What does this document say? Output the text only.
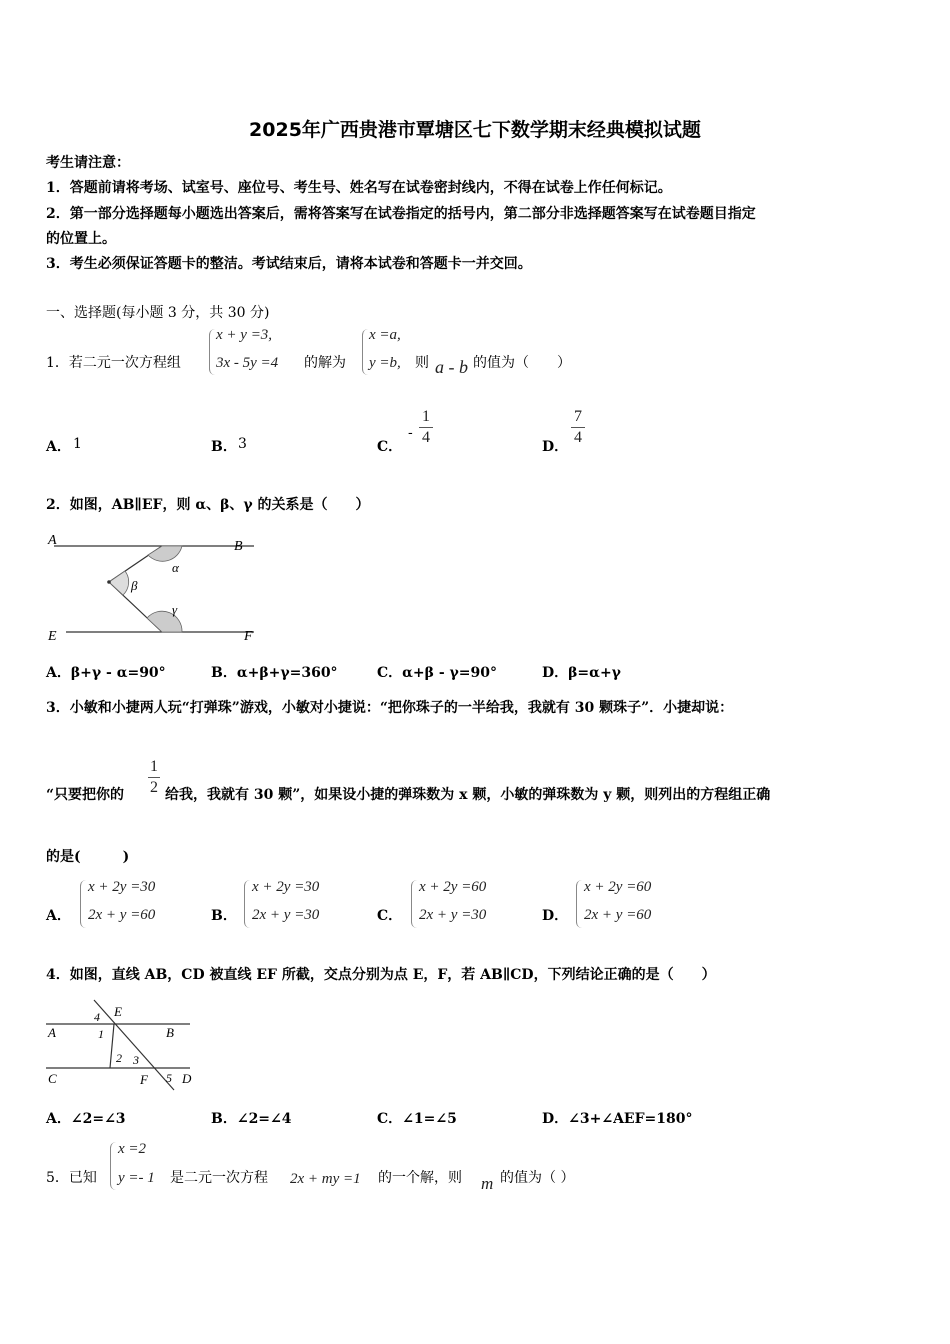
2025年广西贵港市覃塘区七下数学期末经典模拟试题
考生请注意：
1．答题前请将考场、试室号、座位号、考生号、姓名写在试卷密封线内，不得在试卷上作任何标记。
2．第一部分选择题每小题选出答案后，需将答案写在试卷指定的括号内，第二部分非选择题答案写在试卷题目指定
的位置上。
3．考生必须保证答题卡的整洁。考试结束后，请将本试卷和答题卡一并交回。
一、选择题(每小题 3 分，共 30 分)
1．若二元一次方程组
x + y =3,
3x - 5y =4 的解为
x =a,
y =b, 则 a - b 的值为（　　）
A． 1	B． 3	C．
-
1
4
D．
7
4
2．如图，AB∥EF，则 α、β、γ 的关系是（　　）
A	B
E	F
α
β
γ
A．β+γ - α=90°	B．α+β+γ=360°	C．α+β - γ=90°	D．β=α+γ
3．小敏和小捷两人玩“打弹珠”游戏，小敏对小捷说：“把你珠子的一半给我，我就有 30 颗珠子”．小捷却说：
“只要把你的
1
2 给我，我就有 30 颗”，如果设小捷的弹珠数为 x 颗，小敏的弹珠数为 y 颗，则列出的方程组正确
的是(　　　)
A．
x + 2y =30
2x + y =60	B．
x + 2y =30
2x + y =30	C．
x + 2y =60
2x + y =30	D．
x + 2y =60
2x + y =60
4．如图，直线 AB，CD 被直线 EF 所截，交点分别为点 E，F，若 AB∥CD，下列结论正确的是（　　）
A	B
C	D
E
F
4
1
2 3
5
A．∠2=∠3	B．∠2=∠4	C．∠1=∠5	D．∠3+∠AEF=180°
5．已知
x =2
y =- 1 是二元一次方程 2x + my =1 的一个解，则 m 的值为（ ）
